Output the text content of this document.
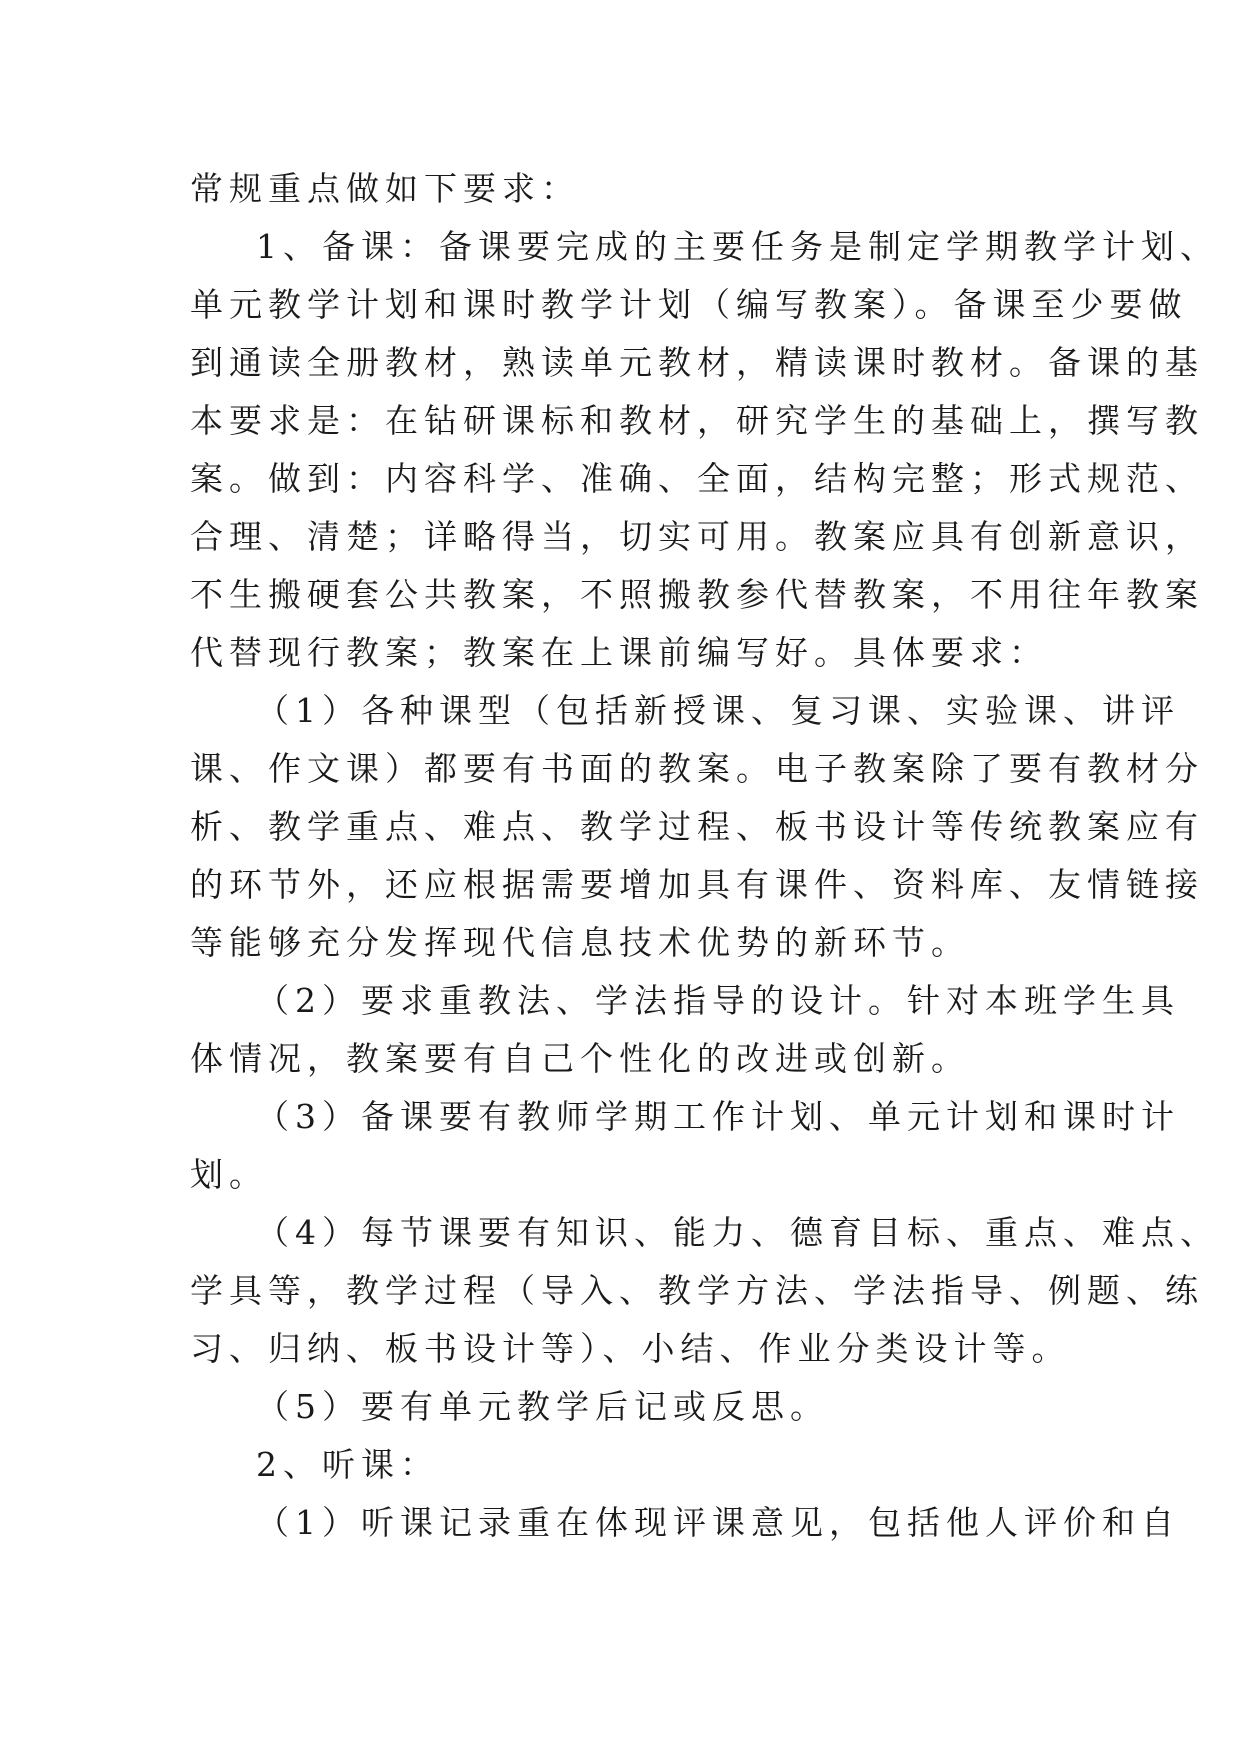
常规重点做如下要求：
1、备课：备课要完成的主要任务是制定学期教学计划、
单元教学计划和课时教学计划（编写教案）。备课至少要做
到通读全册教材，熟读单元教材，精读课时教材。备课的基
本要求是：在钻研课标和教材，研究学生的基础上，撰写教
案。做到：内容科学、准确、全面，结构完整；形式规范、
合理、清楚；详略得当，切实可用。教案应具有创新意识，
不生搬硬套公共教案，不照搬教参代替教案，不用往年教案
代替现行教案；教案在上课前编写好。具体要求：
（1）各种课型（包括新授课、复习课、实验课、讲评
课、作文课）都要有书面的教案。电子教案除了要有教材分
析、教学重点、难点、教学过程、板书设计等传统教案应有
的环节外，还应根据需要增加具有课件、资料库、友情链接
等能够充分发挥现代信息技术优势的新环节。
（2）要求重教法、学法指导的设计。针对本班学生具
体情况，教案要有自己个性化的改进或创新。
（3）备课要有教师学期工作计划、单元计划和课时计
划。
（4）每节课要有知识、能力、德育目标、重点、难点、
学具等，教学过程（导入、教学方法、学法指导、例题、练
习、归纳、板书设计等）、小结、作业分类设计等。
（5）要有单元教学后记或反思。
2、听课：
（1）听课记录重在体现评课意见，包括他人评价和自
